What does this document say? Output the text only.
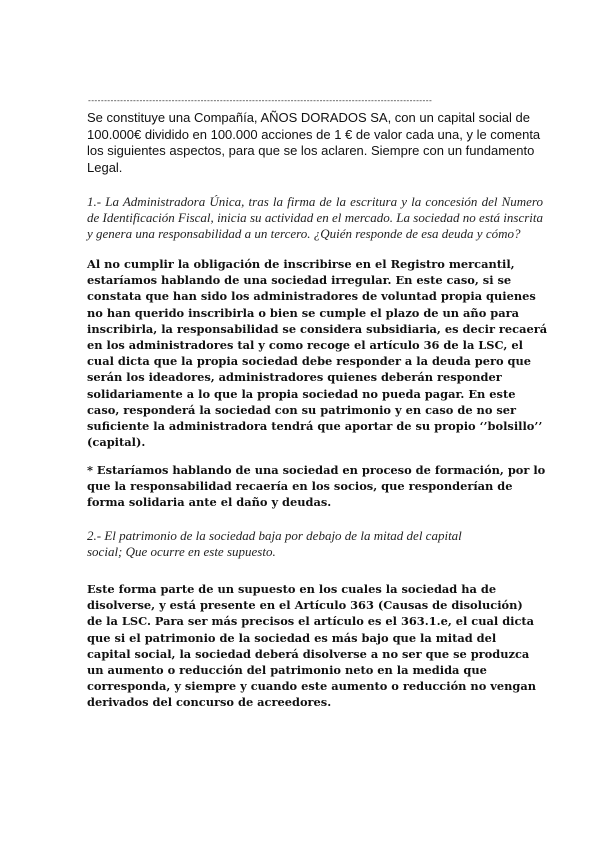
-----------------------------------------------------------------------------------------------------------

Se constituye una Compañía, AÑOS DORADOS SA, con un capital social de 100.000€ dividido en 100.000 acciones de 1 € de valor cada una, y le comenta los siguientes aspectos, para que se los aclaren. Siempre con un fundamento Legal.

1.- La Administradora Única, tras la firma de la escritura y la concesión del Numero de Identificación Fiscal, inicia su actividad en el mercado. La sociedad no está inscrita y genera una responsabilidad a un tercero. ¿Quién responde de esa deuda y cómo?

Al no cumplir la obligación de inscribirse en el Registro mercantil,
estaríamos hablando de una sociedad irregular. En este caso, si se
constata que han sido los administradores de voluntad propia quienes
no han querido inscribirla o bien se cumple el plazo de un año para
inscribirla, la responsabilidad se considera subsidiaria, es decir recaerá
en los administradores tal y como recoge el artículo 36 de la LSC, el
cual dicta que la propia sociedad debe responder a la deuda pero que
serán los ideadores, administradores quienes deberán responder
solidariamente a lo que la propia sociedad no pueda pagar. En este
caso, responderá la sociedad con su patrimonio y en caso de no ser
suficiente la administradora tendrá que aportar de su propio ‘’bolsillo’’
(capital).
* Estaríamos hablando de una sociedad en proceso de formación, por lo
que la responsabilidad recaería en los socios, que responderían de
forma solidaria ante el daño y deudas.
2.- El patrimonio de la sociedad baja por debajo de la mitad del capital
social; Que ocurre en este supuesto.
Este forma parte de un supuesto en los cuales la sociedad ha de
disolverse, y está presente en el Artículo 363 (Causas de disolución)
de la LSC. Para ser más precisos el artículo es el 363.1.e, el cual dicta
que si el patrimonio de la sociedad es más bajo que la mitad del
capital social, la sociedad deberá disolverse a no ser que se produzca
un aumento o reducción del patrimonio neto en la medida que
corresponda, y siempre y cuando este aumento o reducción no vengan
derivados del concurso de acreedores.
